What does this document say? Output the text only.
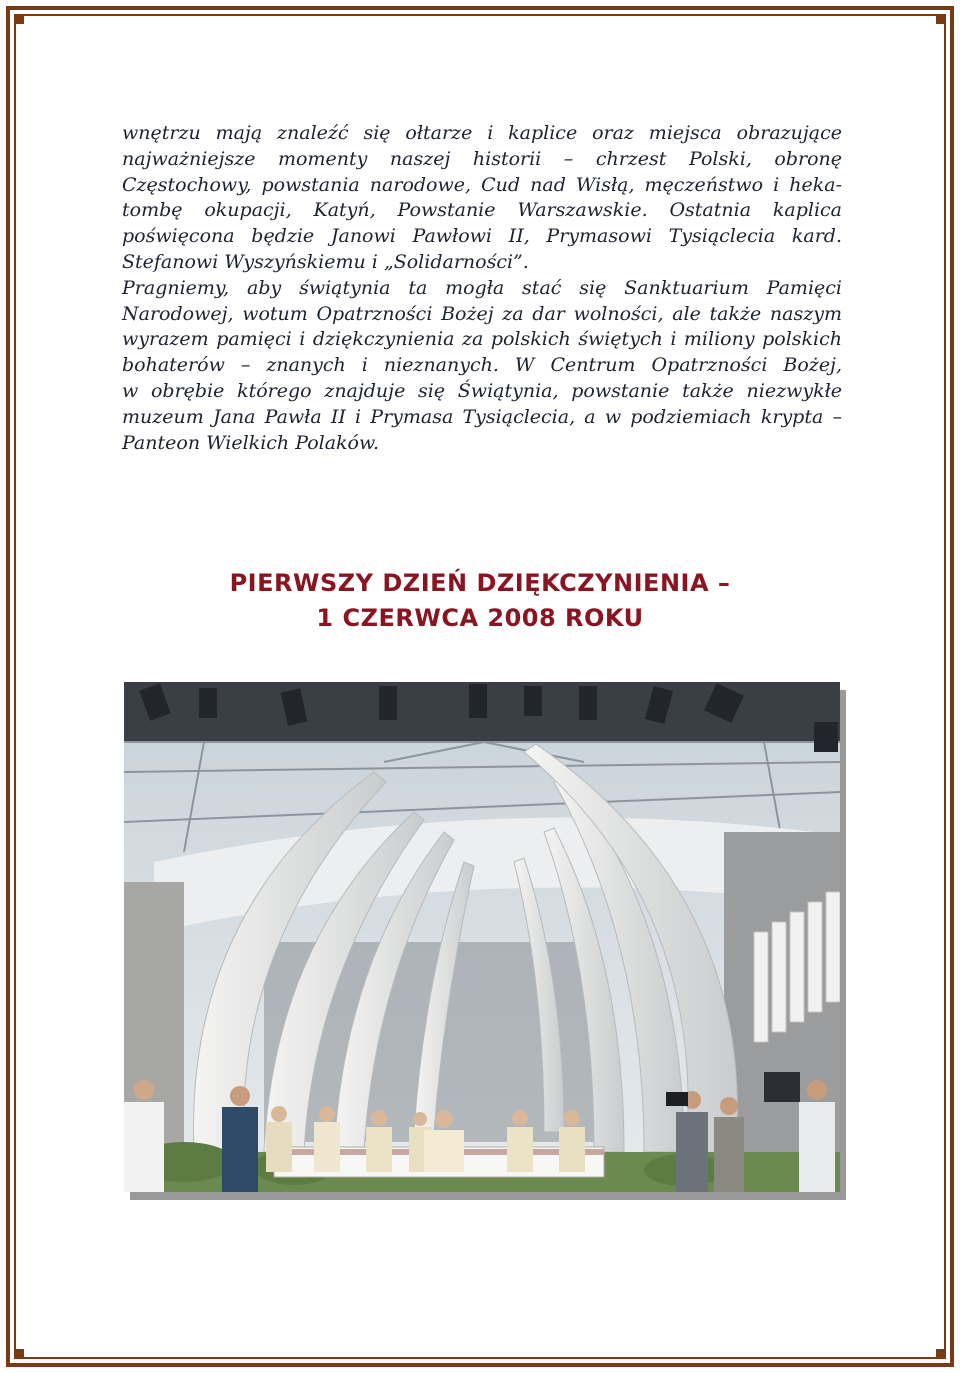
wnętrzu mają znaleźć się ołtarze i kaplice oraz miejsca obrazujące
najważniejsze momenty naszej historii – chrzest Polski, obronę
Częstochowy, powstania narodowe, Cud nad Wisłą, męczeństwo i heka-
tombę okupacji, Katyń, Powstanie Warszawskie. Ostatnia kaplica
poświęcona będzie Janowi Pawłowi II, Prymasowi Tysiąclecia kard.
Stefanowi Wyszyńskiemu i „Solidarności”.
Pragniemy, aby świątynia ta mogła stać się Sanktuarium Pamięci
Narodowej, wotum Opatrzności Bożej za dar wolności, ale także naszym
wyrazem pamięci i dziękczynienia za polskich świętych i miliony polskich
bohaterów – znanych i nieznanych. W Centrum Opatrzności Bożej,
w obrębie którego znajduje się Świątynia, powstanie także niezwykłe
muzeum Jana Pawła II i Prymasa Tysiąclecia, a w podziemiach krypta –
Panteon Wielkich Polaków.
PIERWSZY DZIEŃ DZIĘKCZYNIENIA –
1 CZERWCA 2008 ROKU
